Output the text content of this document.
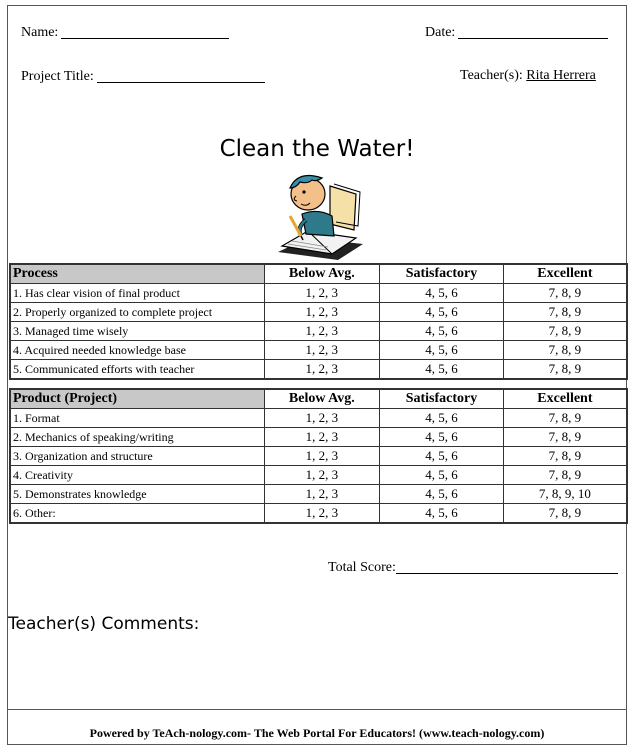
Name:	Date:
Project Title:	Teacher(s): Rita Herrera
Clean the Water!
Process	Below Avg.	Satisfactory	Excellent
1. Has clear vision of final product	1, 2, 3	4, 5, 6	7, 8, 9
2. Properly organized to complete project	1, 2, 3	4, 5, 6	7, 8, 9
3. Managed time wisely	1, 2, 3	4, 5, 6	7, 8, 9
4. Acquired needed knowledge base	1, 2, 3	4, 5, 6	7, 8, 9
5. Communicated efforts with teacher	1, 2, 3	4, 5, 6	7, 8, 9
Product (Project)	Below Avg.	Satisfactory	Excellent
1. Format	1, 2, 3	4, 5, 6	7, 8, 9
2. Mechanics of speaking/writing	1, 2, 3	4, 5, 6	7, 8, 9
3. Organization and structure	1, 2, 3	4, 5, 6	7, 8, 9
4. Creativity	1, 2, 3	4, 5, 6	7, 8, 9
5. Demonstrates knowledge	1, 2, 3	4, 5, 6	7, 8, 9, 10
6. Other:	1, 2, 3	4, 5, 6	7, 8, 9
Total Score:
Teacher(s) Comments:
Powered by TeAch-nology.com- The Web Portal For Educators! (www.teach-nology.com)
